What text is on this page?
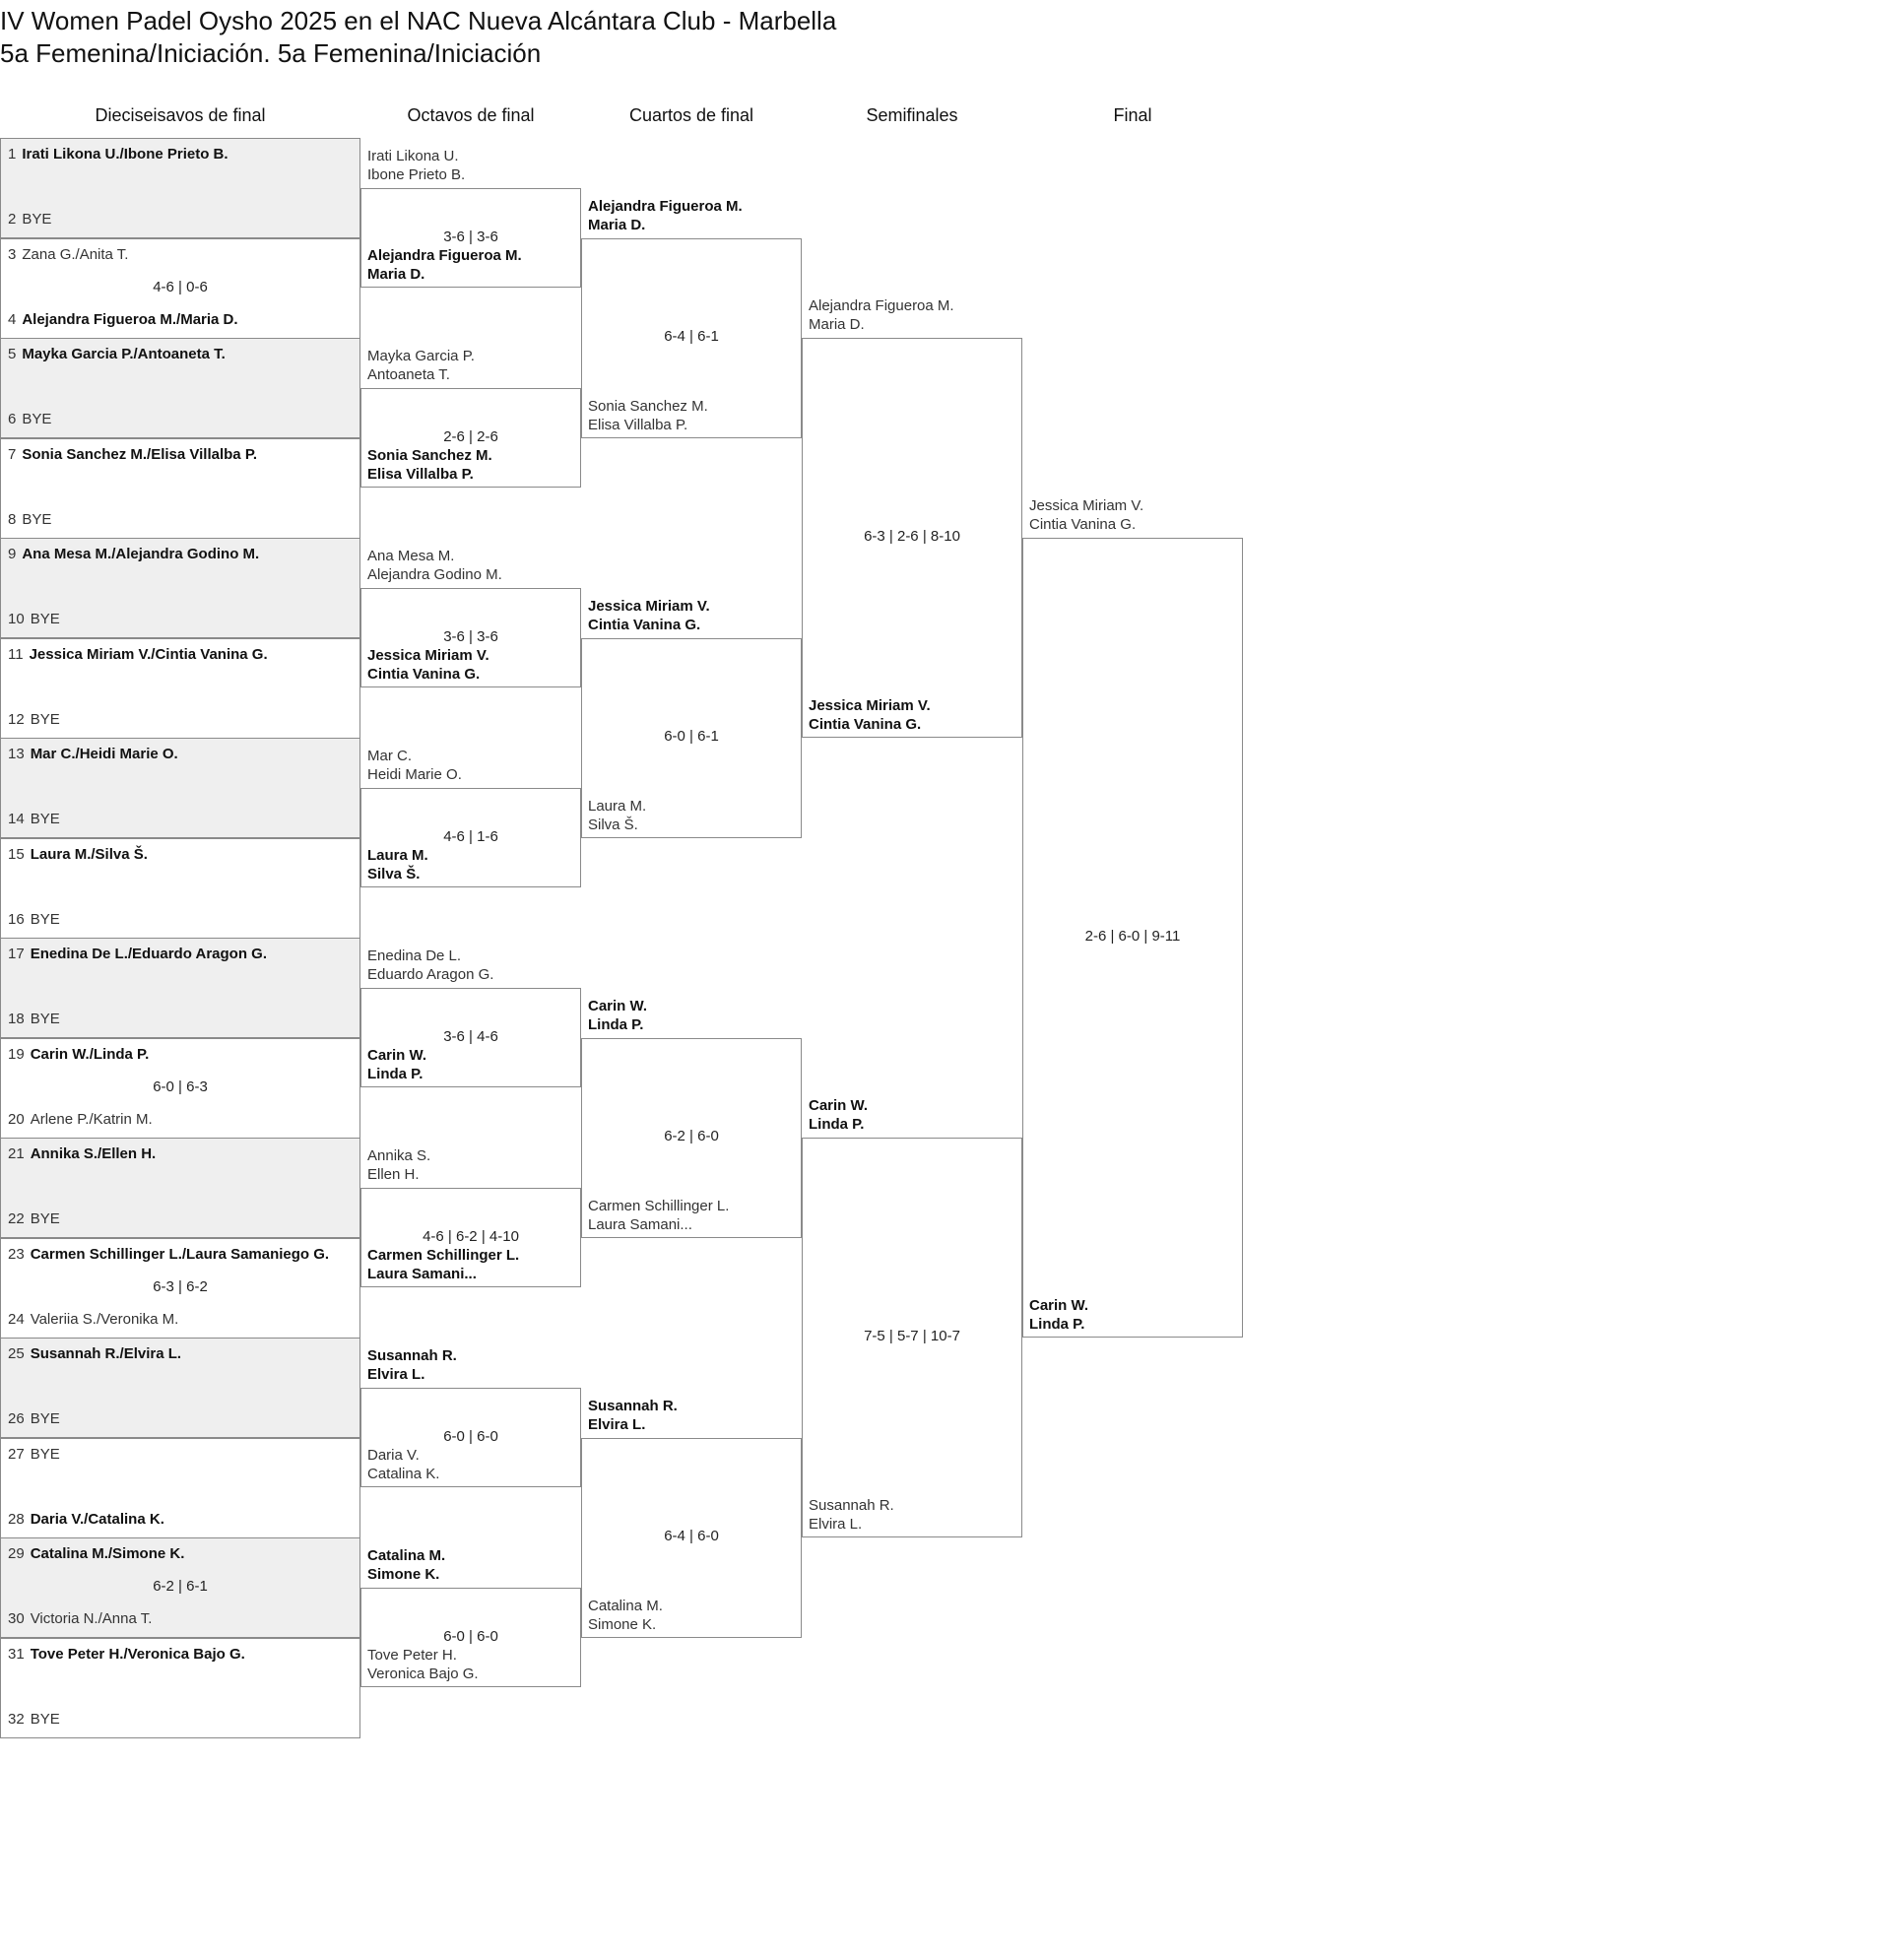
IV Women Padel Oysho 2025 en el NAC Nueva Alcántara Club - Marbella
5a Femenina/Iniciación. 5a Femenina/Iniciación
Dieciseisavos de final	Octavos de final	Cuartos de final	Semifinales	Final
1 Irati Likona U./Ibone Prieto B.
2 BYE
3 Zana G./Anita T.
4-6 | 0-6
4 Alejandra Figueroa M./Maria D.
5 Mayka Garcia P./Antoaneta T.
6 BYE
7 Sonia Sanchez M./Elisa Villalba P.
8 BYE
9 Ana Mesa M./Alejandra Godino M.
10 BYE
11 Jessica Miriam V./Cintia Vanina G.
12 BYE
13 Mar C./Heidi Marie O.
14 BYE
15 Laura M./Silva Š.
16 BYE
17 Enedina De L./Eduardo Aragon G.
18 BYE
19 Carin W./Linda P.
6-0 | 6-3
20 Arlene P./Katrin M.
21 Annika S./Ellen H.
22 BYE
23 Carmen Schillinger L./Laura Samaniego G.
6-3 | 6-2
24 Valeriia S./Veronika M.
25 Susannah R./Elvira L.
26 BYE
27 BYE
28 Daria V./Catalina K.
29 Catalina M./Simone K.
6-2 | 6-1
30 Victoria N./Anna T.
31 Tove Peter H./Veronica Bajo G.
32 BYE
Irati Likona U.
Ibone Prieto B.
Alejandra Figueroa M.
Maria D.
3-6 | 3-6
Mayka Garcia P.
Antoaneta T.
Sonia Sanchez M.
Elisa Villalba P.
2-6 | 2-6
Ana Mesa M.
Alejandra Godino M.
Jessica Miriam V.
Cintia Vanina G.
3-6 | 3-6
Mar C.
Heidi Marie O.
Laura M.
Silva Š.
4-6 | 1-6
Enedina De L.
Eduardo Aragon G.
Carin W.
Linda P.
3-6 | 4-6
Annika S.
Ellen H.
Carmen Schillinger L.
Laura Samani...
4-6 | 6-2 | 4-10
Susannah R.
Elvira L.
Daria V.
Catalina K.
6-0 | 6-0
Catalina M.
Simone K.
Tove Peter H.
Veronica Bajo G.
6-0 | 6-0
Alejandra Figueroa M.
Maria D.
Sonia Sanchez M.
Elisa Villalba P.
6-4 | 6-1
Jessica Miriam V.
Cintia Vanina G.
Laura M.
Silva Š.
6-0 | 6-1
Carin W.
Linda P.
Carmen Schillinger L.
Laura Samani...
6-2 | 6-0
Susannah R.
Elvira L.
Catalina M.
Simone K.
6-4 | 6-0
Alejandra Figueroa M.
Maria D.
Jessica Miriam V.
Cintia Vanina G.
6-3 | 2-6 | 8-10
Carin W.
Linda P.
Susannah R.
Elvira L.
7-5 | 5-7 | 10-7
Jessica Miriam V.
Cintia Vanina G.
Carin W.
Linda P.
2-6 | 6-0 | 9-11
